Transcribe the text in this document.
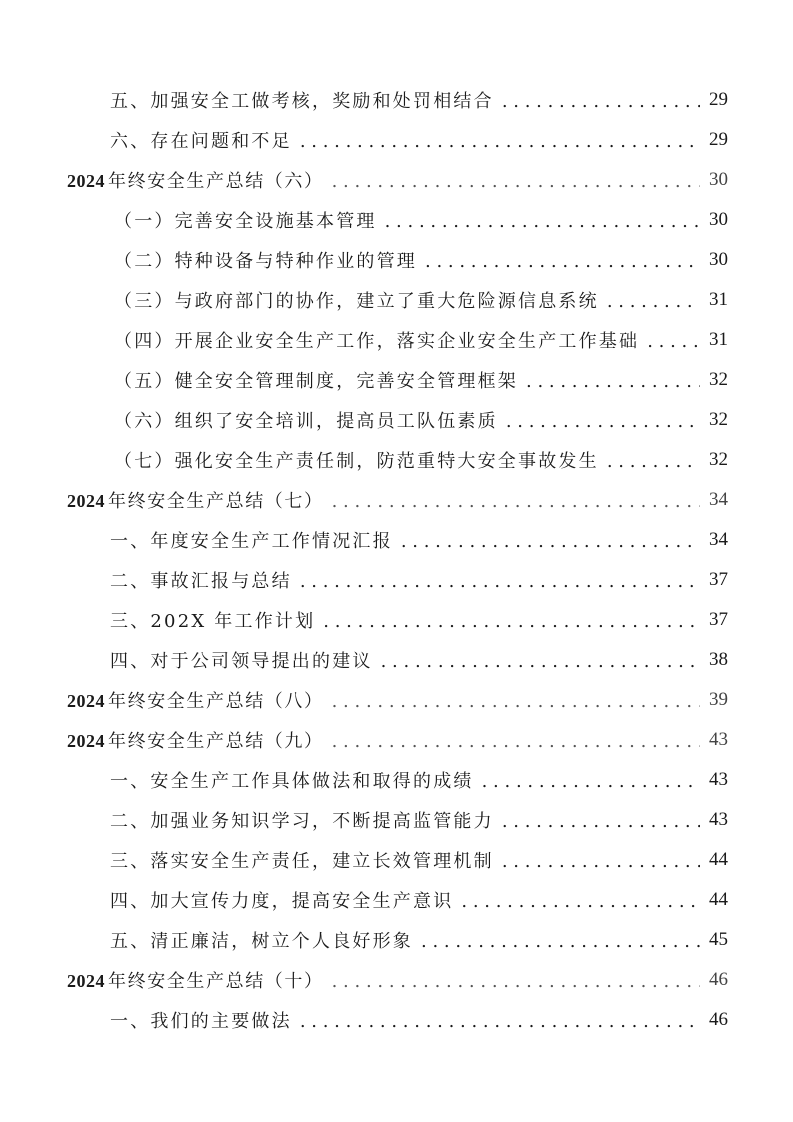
五、加强安全工做考核，奖励和处罚相结合 . . .	29
六、存在问题和不足 . . .	29
2024 年终安全生产总结（六） . . .	30
（一）完善安全设施基本管理 . . .	30
（二）特种设备与特种作业的管理 . . .	30
（三）与政府部门的协作，建立了重大危险源信息系统 . . .	31
（四）开展企业安全生产工作，落实企业安全生产工作基础 . . .	31
（五）健全安全管理制度，完善安全管理框架 . . .	32
（六）组织了安全培训，提高员工队伍素质 . . .	32
（七）强化安全生产责任制，防范重特大安全事故发生 . . .	32
2024 年终安全生产总结（七） . . .	34
一、年度安全生产工作情况汇报 . . .	34
二、事故汇报与总结 . . .	37
三、202X 年工作计划 . . .	37
四、对于公司领导提出的建议 . . .	38
2024 年终安全生产总结（八） . . .	39
2024 年终安全生产总结（九） . . .	43
一、安全生产工作具体做法和取得的成绩 . . .	43
二、加强业务知识学习，不断提高监管能力 . . .	43
三、落实安全生产责任，建立长效管理机制 . . .	44
四、加大宣传力度，提高安全生产意识 . . .	44
五、清正廉洁，树立个人良好形象 . . .	45
2024 年终安全生产总结（十） . . .	46
一、我们的主要做法 . . .	46
